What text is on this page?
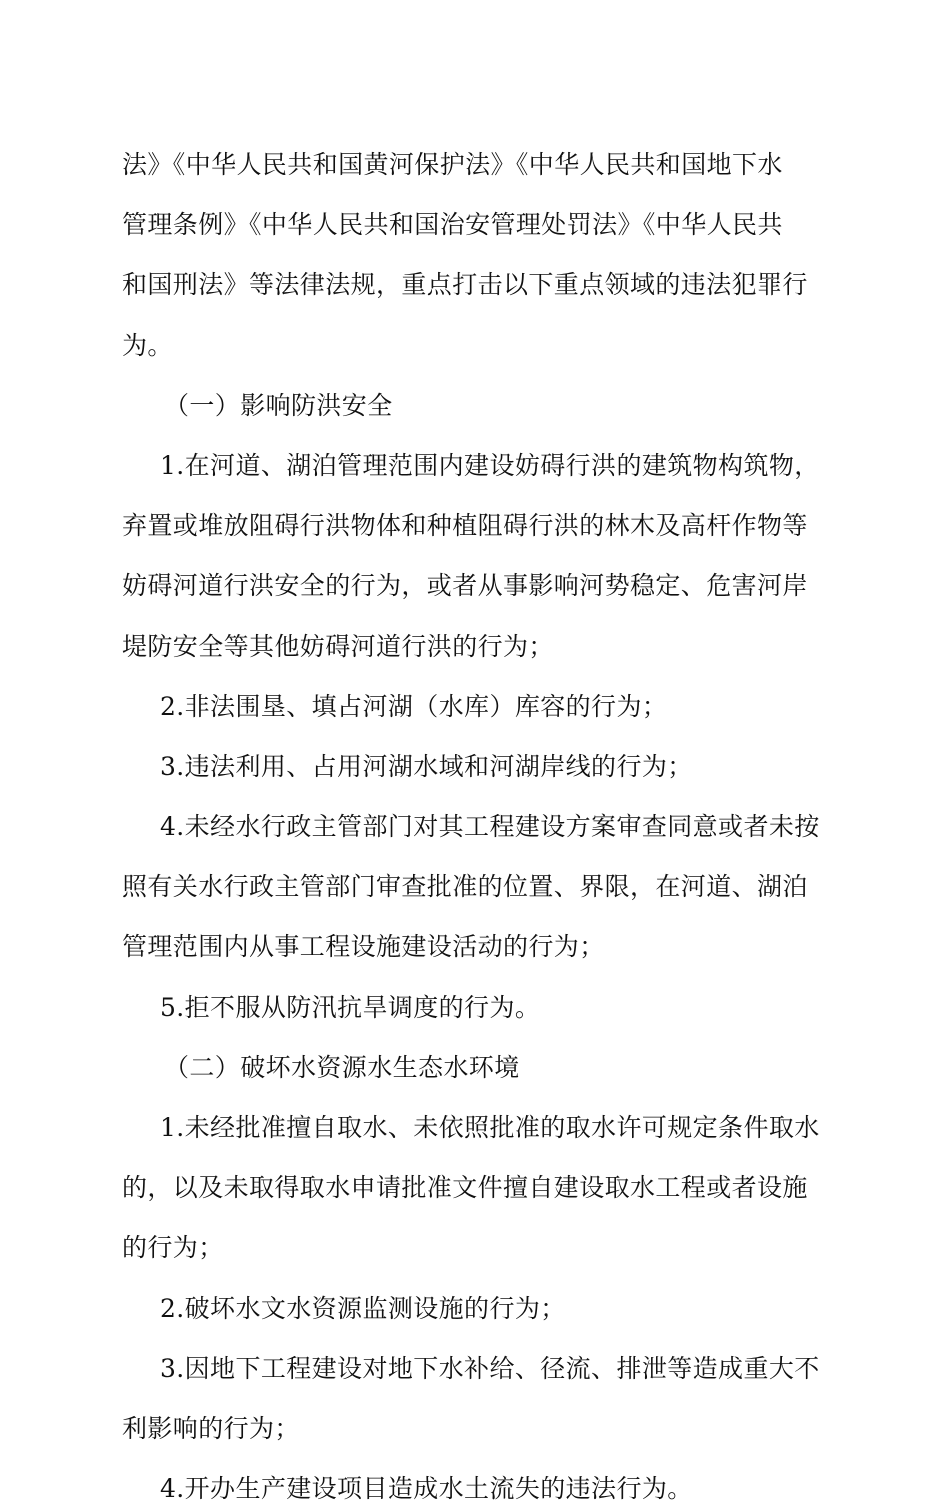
法》《中华人民共和国黄河保护法》《中华人民共和国地下水
管理条例》《中华人民共和国治安管理处罚法》《中华人民共
和国刑法》等法律法规，重点打击以下重点领域的违法犯罪行
为。
（一）影响防洪安全
1.在河道、湖泊管理范围内建设妨碍行洪的建筑物构筑物，
弃置或堆放阻碍行洪物体和种植阻碍行洪的林木及高杆作物等
妨碍河道行洪安全的行为，或者从事影响河势稳定、危害河岸
堤防安全等其他妨碍河道行洪的行为；
2.非法围垦、填占河湖（水库）库容的行为；
3.违法利用、占用河湖水域和河湖岸线的行为；
4.未经水行政主管部门对其工程建设方案审查同意或者未按
照有关水行政主管部门审查批准的位置、界限，在河道、湖泊
管理范围内从事工程设施建设活动的行为；
5.拒不服从防汛抗旱调度的行为。
（二）破坏水资源水生态水环境
1.未经批准擅自取水、未依照批准的取水许可规定条件取水
的，以及未取得取水申请批准文件擅自建设取水工程或者设施
的行为；
2.破坏水文水资源监测设施的行为；
3.因地下工程建设对地下水补给、径流、排泄等造成重大不
利影响的行为；
4.开办生产建设项目造成水土流失的违法行为。
